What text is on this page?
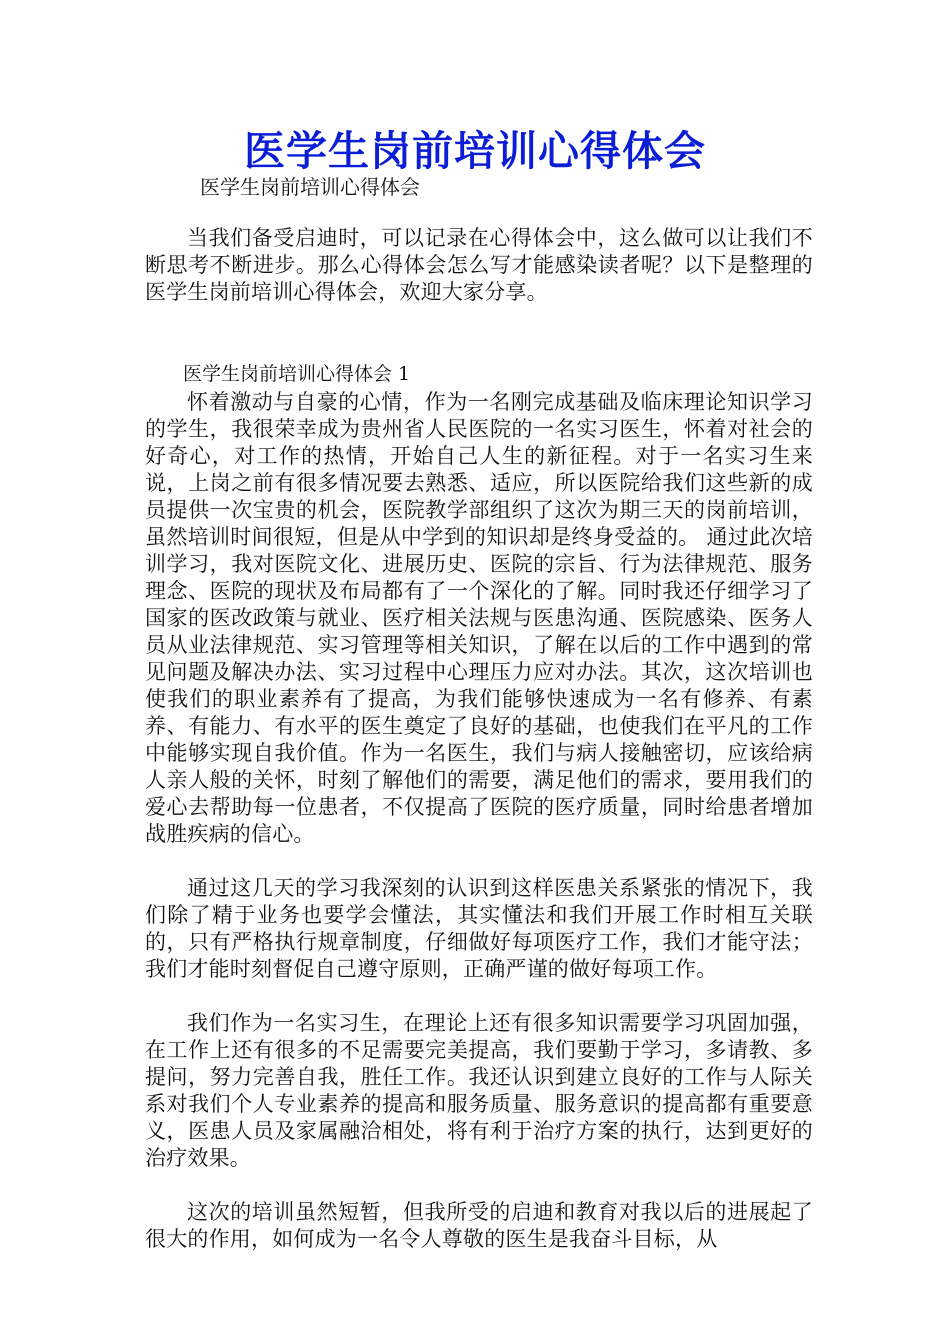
医学生岗前培训心得体会

医学生岗前培训心得体会

当我们备受启迪时，可以记录在心得体会中，这么做可以让我们不断思考不断进步。那么心得体会怎么写才能感染读者呢？以下是整理的医学生岗前培训心得体会，欢迎大家分享。

医学生岗前培训心得体会 1

怀着激动与自豪的心情，作为一名刚完成基础及临床理论知识学习的学生，我很荣幸成为贵州省人民医院的一名实习医生，怀着对社会的好奇心，对工作的热情，开始自己人生的新征程。对于一名实习生来说，上岗之前有很多情况要去熟悉、适应，所以医院给我们这些新的成员提供一次宝贵的机会，医院教学部组织了这次为期三天的岗前培训，虽然培训时间很短，但是从中学到的知识却是终身受益的。 通过此次培训学习，我对医院文化、进展历史、医院的宗旨、行为法律规范、服务理念、医院的现状及布局都有了一个深化的了解。同时我还仔细学习了国家的医改政策与就业、医疗相关法规与医患沟通、医院感染、医务人员从业法律规范、实习管理等相关知识，了解在以后的工作中遇到的常见问题及解决办法、实习过程中心理压力应对办法。其次，这次培训也使我们的职业素养有了提高，为我们能够快速成为一名有修养、有素养、有能力、有水平的医生奠定了良好的基础，也使我们在平凡的工作中能够实现自我价值。作为一名医生，我们与病人接触密切，应该给病人亲人般的关怀，时刻了解他们的需要，满足他们的需求，要用我们的爱心去帮助每一位患者，不仅提高了医院的医疗质量，同时给患者增加战胜疾病的信心。

通过这几天的学习我深刻的认识到这样医患关系紧张的情况下，我们除了精于业务也要学会懂法，其实懂法和我们开展工作时相互关联的，只有严格执行规章制度，仔细做好每项医疗工作，我们才能守法；我们才能时刻督促自己遵守原则，正确严谨的做好每项工作。

我们作为一名实习生，在理论上还有很多知识需要学习巩固加强，在工作上还有很多的不足需要完美提高，我们要勤于学习，多请教、多提问，努力完善自我，胜任工作。我还认识到建立良好的工作与人际关系对我们个人专业素养的提高和服务质量、服务意识的提高都有重要意义，医患人员及家属融洽相处，将有利于治疗方案的执行，达到更好的治疗效果。

这次的培训虽然短暂，但我所受的启迪和教育对我以后的进展起了很大的作用，如何成为一名令人尊敬的医生是我奋斗目标，从
